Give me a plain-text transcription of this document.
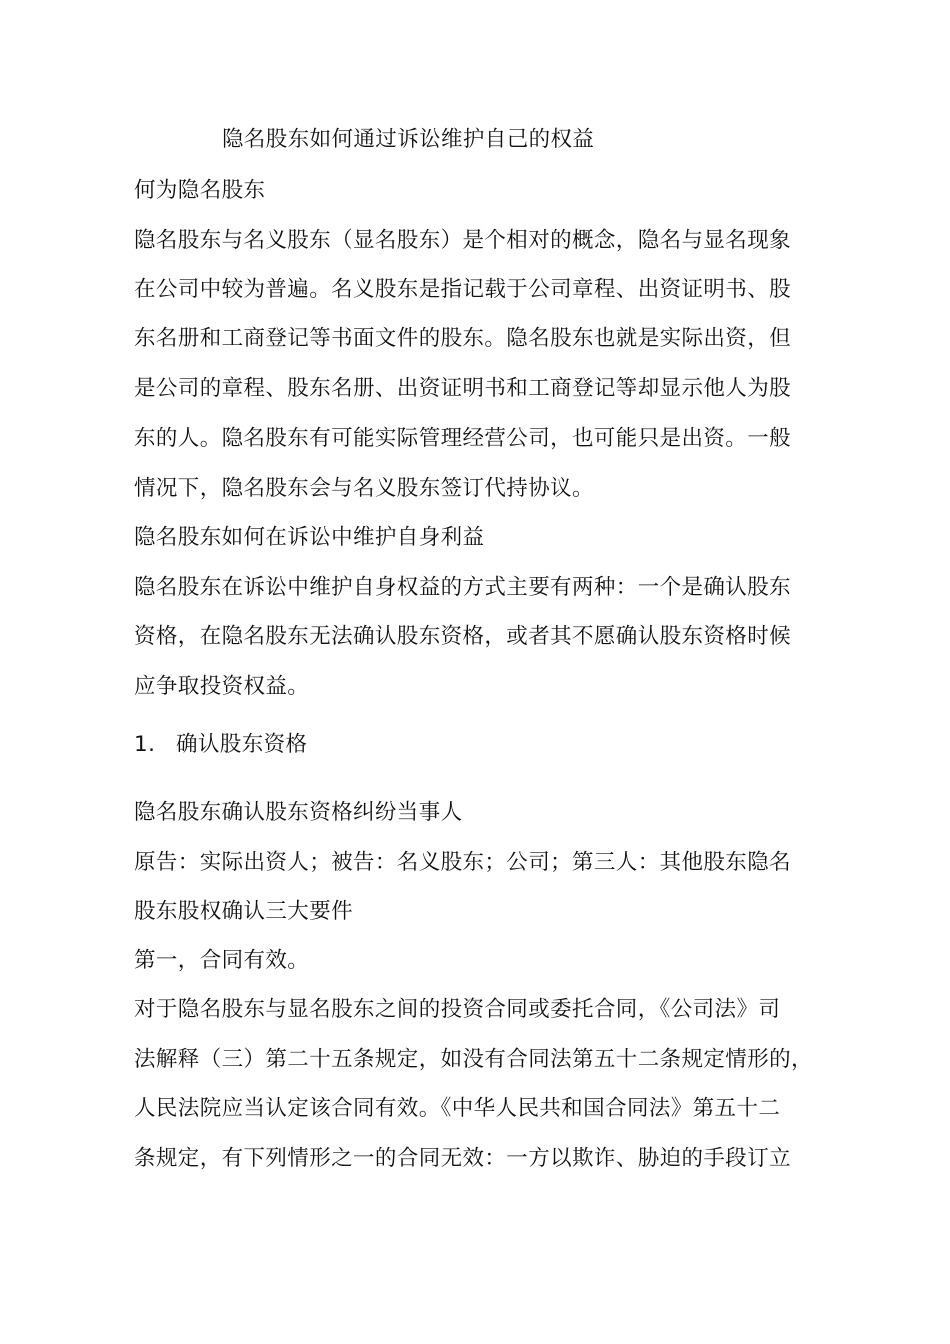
隐名股东如何通过诉讼维护自己的权益
何为隐名股东
隐名股东与名义股东（显名股东）是个相对的概念，隐名与显名现象
在公司中较为普遍。名义股东是指记载于公司章程、出资证明书、股
东名册和工商登记等书面文件的股东。隐名股东也就是实际出资，但
是公司的章程、股东名册、出资证明书和工商登记等却显示他人为股
东的人。隐名股东有可能实际管理经营公司，也可能只是出资。一般
情况下，隐名股东会与名义股东签订代持协议。
隐名股东如何在诉讼中维护自身利益
隐名股东在诉讼中维护自身权益的方式主要有两种：一个是确认股东
资格，在隐名股东无法确认股东资格，或者其不愿确认股东资格时候
应争取投资权益。
1. 确认股东资格
隐名股东确认股东资格纠纷当事人
原告：实际出资人；被告：名义股东；公司；第三人：其他股东隐名
股东股权确认三大要件
第一，合同有效。
对于隐名股东与显名股东之间的投资合同或委托合同，《公司法》司
法解释（三）第二十五条规定，如没有合同法第五十二条规定情形的，
人民法院应当认定该合同有效。《中华人民共和国合同法》第五十二
条规定，有下列情形之一的合同无效：一方以欺诈、胁迫的手段订立
